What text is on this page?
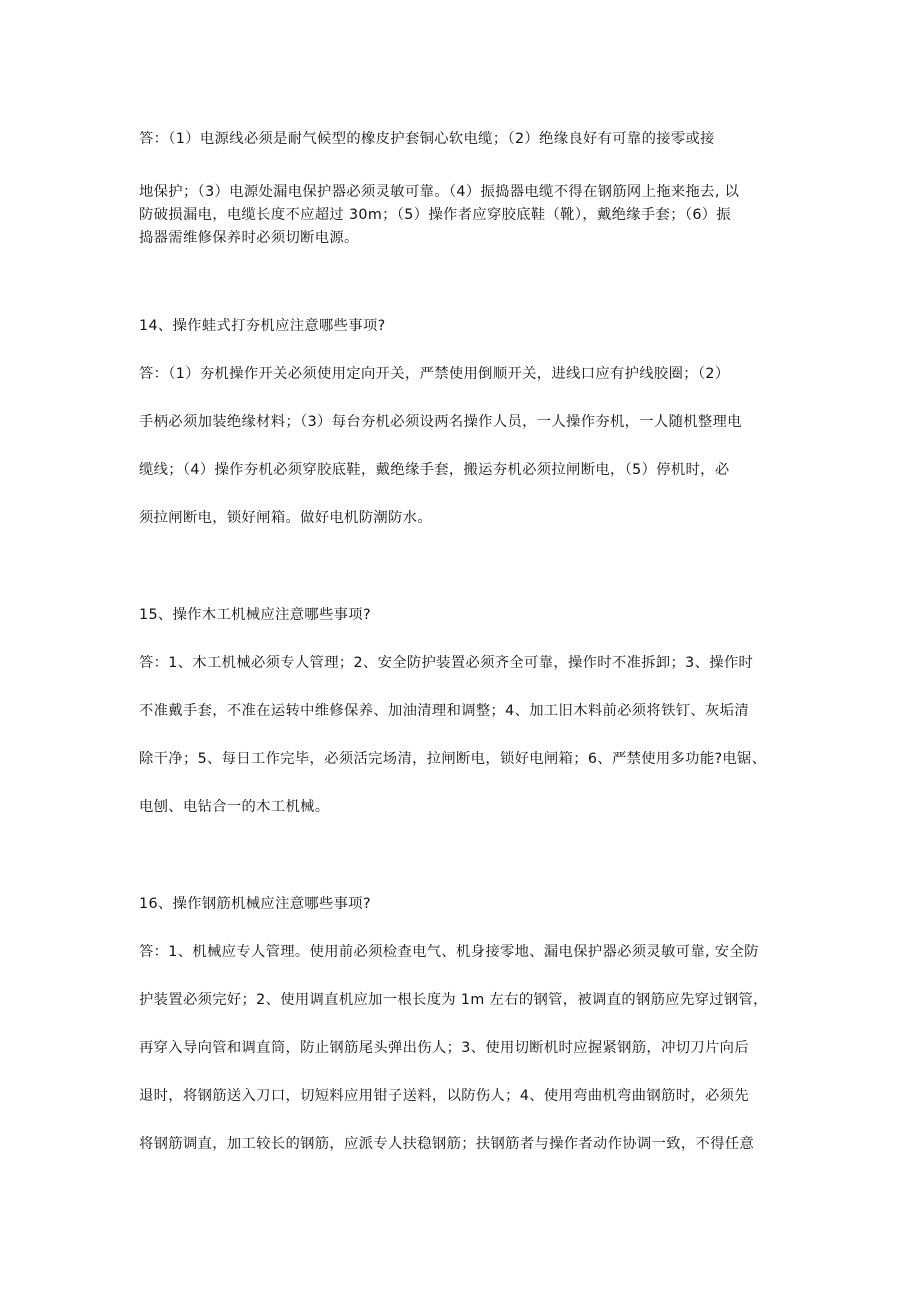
答：（1）电源线必须是耐气候型的橡皮护套铜心软电缆；（2）绝缘良好有可靠的接零或接

地保护；（3）电源处漏电保护器必须灵敏可靠。（4）振捣器电缆不得在钢筋网上拖来拖去, 以

防破损漏电，电缆长度不应超过 30m；（5）操作者应穿胶底鞋（靴），戴绝缘手套；（6）振

捣器需维修保养时必须切断电源。

14、操作蛙式打夯机应注意哪些事项?

答：（1）夯机操作开关必须使用定向开关，严禁使用倒顺开关，进线口应有护线胶圈；（2）

手柄必须加装绝缘材料；（3）每台夯机必须设两名操作人员，一人操作夯机，一人随机整理电

缆线；（4）操作夯机必须穿胶底鞋，戴绝缘手套，搬运夯机必须拉闸断电，（5）停机时，必

须拉闸断电，锁好闸箱。做好电机防潮防水。

15、操作木工机械应注意哪些事项?

答：1、木工机械必须专人管理；2、安全防护装置必须齐全可靠，操作时不准拆卸；3、操作时

不准戴手套，不准在运转中维修保养、加油清理和调整；4、加工旧木料前必须将铁钉、灰垢清

除干净；5、每日工作完毕，必须活完场清，拉闸断电，锁好电闸箱；6、严禁使用多功能?电锯、

电刨、电钻合一的木工机械。

16、操作钢筋机械应注意哪些事项?

答：1、机械应专人管理。使用前必须检查电气、机身接零地、漏电保护器必须灵敏可靠, 安全防

护装置必须完好；2、使用调直机应加一根长度为 1m 左右的钢管，被调直的钢筋应先穿过钢管，

再穿入导向管和调直筒，防止钢筋尾头弹出伤人；3、使用切断机时应握紧钢筋，冲切刀片向后

退时，将钢筋送入刀口，切短料应用钳子送料，以防伤人；4、使用弯曲机弯曲钢筋时，必须先

将钢筋调直，加工较长的钢筋，应派专人扶稳钢筋；扶钢筋者与操作者动作协调一致，不得任意
